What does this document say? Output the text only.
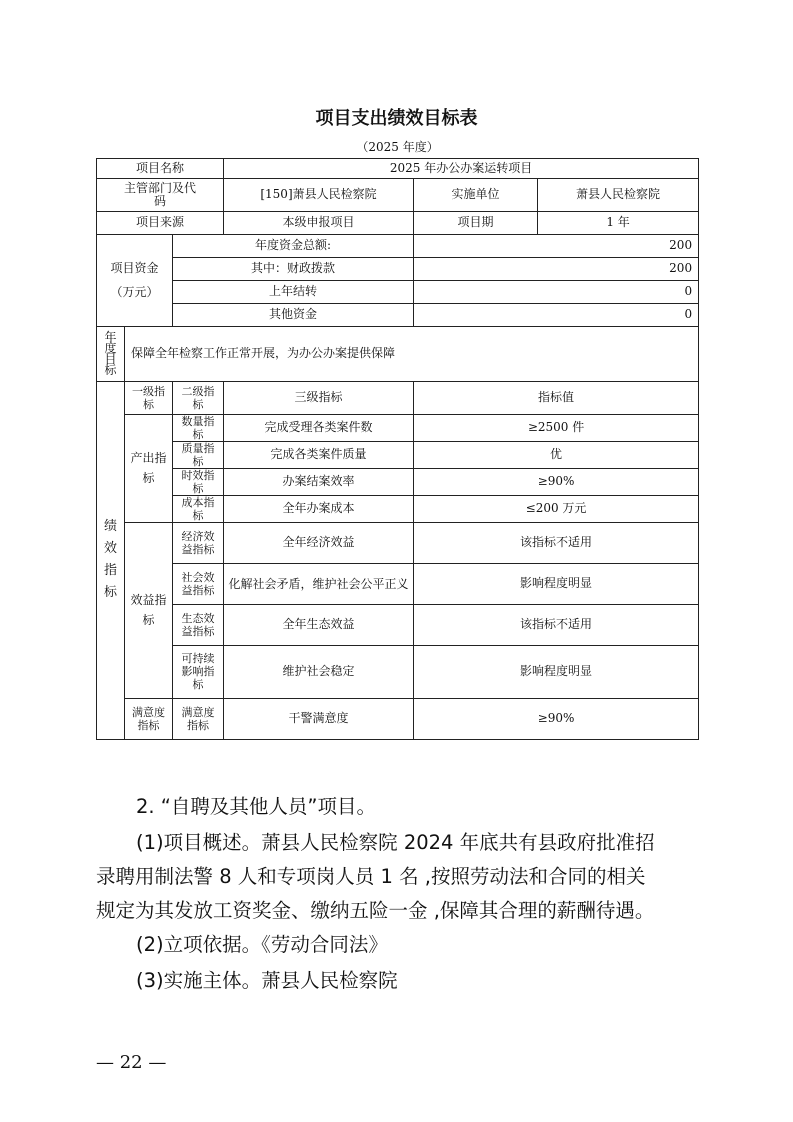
项目支出绩效目标表
（2025 年度）					
项目名称			2025 年办公办案运转项目		
主管部门及代码			[150]萧县人民检察院	实施单位	萧县人民检察院
项目来源			本级申报项目	项目期	1 年

项目资金
（万元）		年度资金总额:		200	
		其中：财政拨款		200	
		上年结转		0	
		其他资金		0	
年度目标	保障全年检察工作正常开展，为办公办案提供保障				
绩效指标	一级指标	二级指标	三级指标	指标值	
	产出指标	数量指标	完成受理各类案件数	≥2500 件	
		质量指标	完成各类案件质量	优	
		时效指标	办案结案效率	≥90%	
		成本指标	全年办案成本	≤200 万元	
	效益指标	经济效益指标	全年经济效益	该指标不适用	
		社会效益指标	化解社会矛盾，维护社会公平正义	影响程度明显	
		生态效益指标	全年生态效益	该指标不适用	
		可持续影响指标	维护社会稳定	影响程度明显	
	满意度指标	满意度指标	干警满意度	≥90%	
2. “自聘及其他人员”项目。
(1)项目概述。萧县人民检察院 2024 年底共有县政府批准招
录聘用制法警 8 人和专项岗人员 1 名 ,按照劳动法和合同的相关
规定为其发放工资奖金、缴纳五险一金 ,保障其合理的薪酬待遇。
(2)立项依据。《劳动合同法》
(3)实施主体。萧县人民检察院
— 22 —
